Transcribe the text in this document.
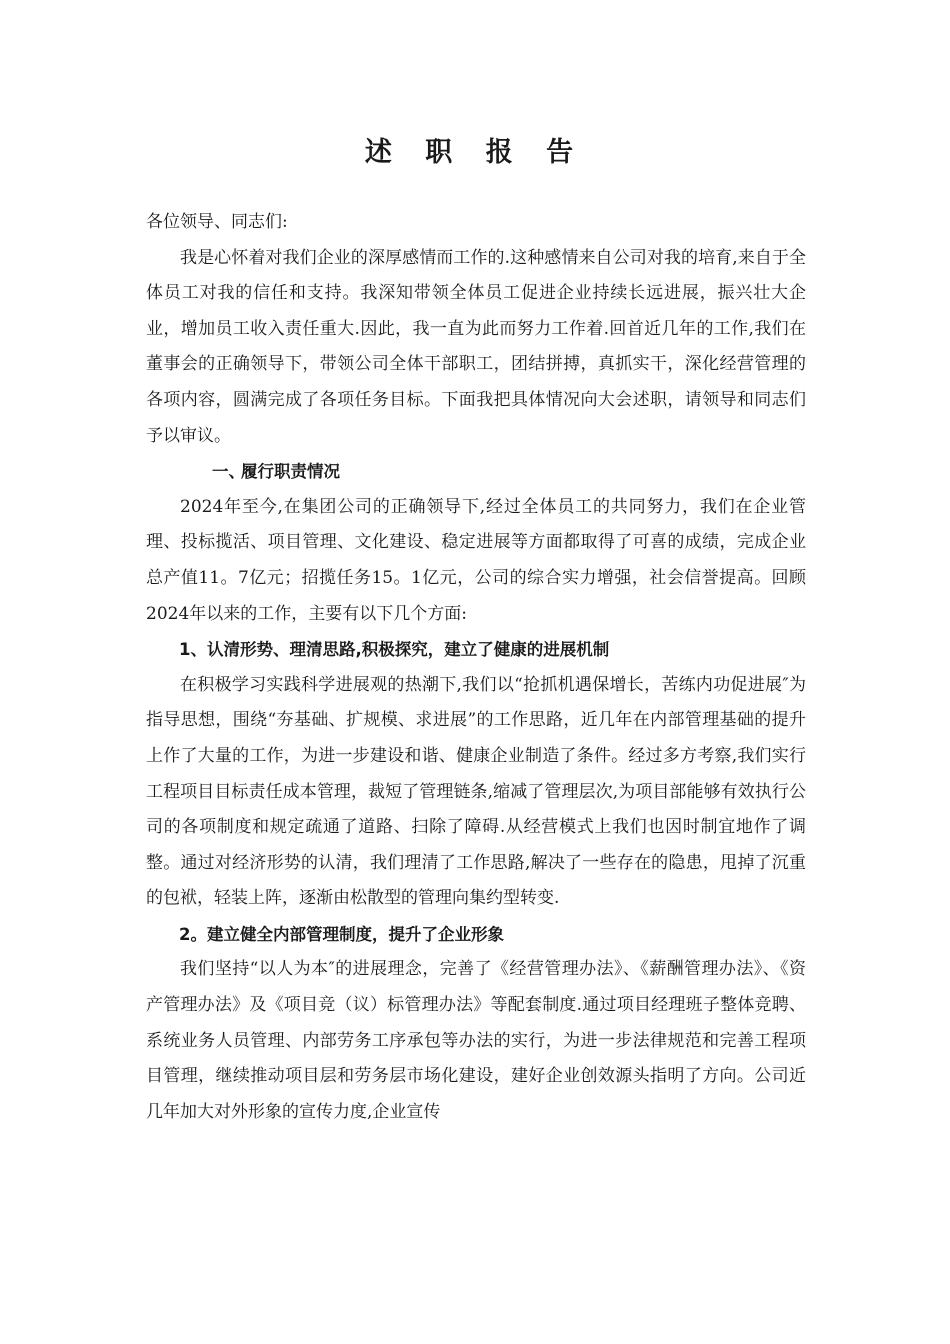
述 职 报 告

各位领导、同志们:

我是心怀着对我们企业的深厚感情而工作的.这种感情来自公司对我的培育,来自于全体员工对我的信任和支持。我深知带领全体员工促进企业持续长远进展，振兴壮大企业，增加员工收入责任重大.因此，我一直为此而努力工作着.回首近几年的工作,我们在董事会的正确领导下，带领公司全体干部职工，团结拼搏，真抓实干，深化经营管理的各项内容，圆满完成了各项任务目标。下面我把具体情况向大会述职，请领导和同志们予以审议。

一、履行职责情况

2024年至今,在集团公司的正确领导下,经过全体员工的共同努力，我们在企业管理、投标揽活、项目管理、文化建设、稳定进展等方面都取得了可喜的成绩，完成企业总产值11。7亿元；招揽任务15。1亿元，公司的综合实力增强，社会信誉提高。回顾2024年以来的工作，主要有以下几个方面:

1、认清形势、理清思路,积极探究，建立了健康的进展机制

在积极学习实践科学进展观的热潮下,我们以“抢抓机遇保增长，苦练内功促进展″为指导思想，围绕“夯基础、扩规模、求进展”的工作思路，近几年在内部管理基础的提升上作了大量的工作，为进一步建设和谐、健康企业制造了条件。经过多方考察,我们实行工程项目目标责任成本管理，裁短了管理链条,缩减了管理层次,为项目部能够有效执行公司的各项制度和规定疏通了道路、扫除了障碍.从经营模式上我们也因时制宜地作了调整。通过对经济形势的认清，我们理清了工作思路,解决了一些存在的隐患，甩掉了沉重的包袱，轻装上阵，逐渐由松散型的管理向集约型转变.

2。建立健全内部管理制度，提升了企业形象

我们坚持“以人为本″的进展理念，完善了《经营管理办法》、《薪酬管理办法》、《资产管理办法》及《项目竞（议）标管理办法》等配套制度.通过项目经理班子整体竞聘、系统业务人员管理、内部劳务工序承包等办法的实行，为进一步法律规范和完善工程项目管理，继续推动项目层和劳务层市场化建设，建好企业创效源头指明了方向。公司近几年加大对外形象的宣传力度,企业宣传
